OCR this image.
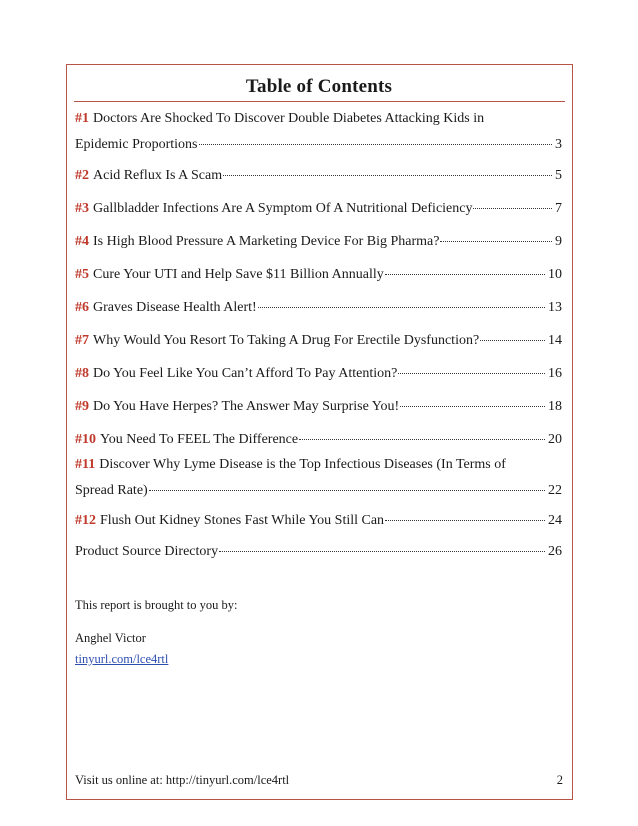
Table of Contents
#1 Doctors Are Shocked To Discover Double Diabetes Attacking Kids in
Epidemic Proportions	3
#2 Acid Reflux Is A Scam	5
#3 Gallbladder Infections Are A Symptom Of A Nutritional Deficiency	7
#4 Is High Blood Pressure A Marketing Device For Big Pharma?	9
#5 Cure Your UTI and Help Save $11 Billion Annually	10
#6 Graves Disease Health Alert!	13
#7 Why Would You Resort To Taking A Drug For Erectile Dysfunction?	14
#8 Do You Feel Like You Can’t Afford To Pay Attention?	16
#9 Do You Have Herpes? The Answer May Surprise You!	18
#10 You Need To FEEL The Difference	20
#11 Discover Why Lyme Disease is the Top Infectious Diseases (In Terms of
Spread Rate)	22
#12 Flush Out Kidney Stones Fast While You Still Can	24
Product Source Directory	26
This report is brought to you by:
Anghel Victor
tinyurl.com/lce4rtl
Visit us online at: http://tinyurl.com/lce4rtl	2
